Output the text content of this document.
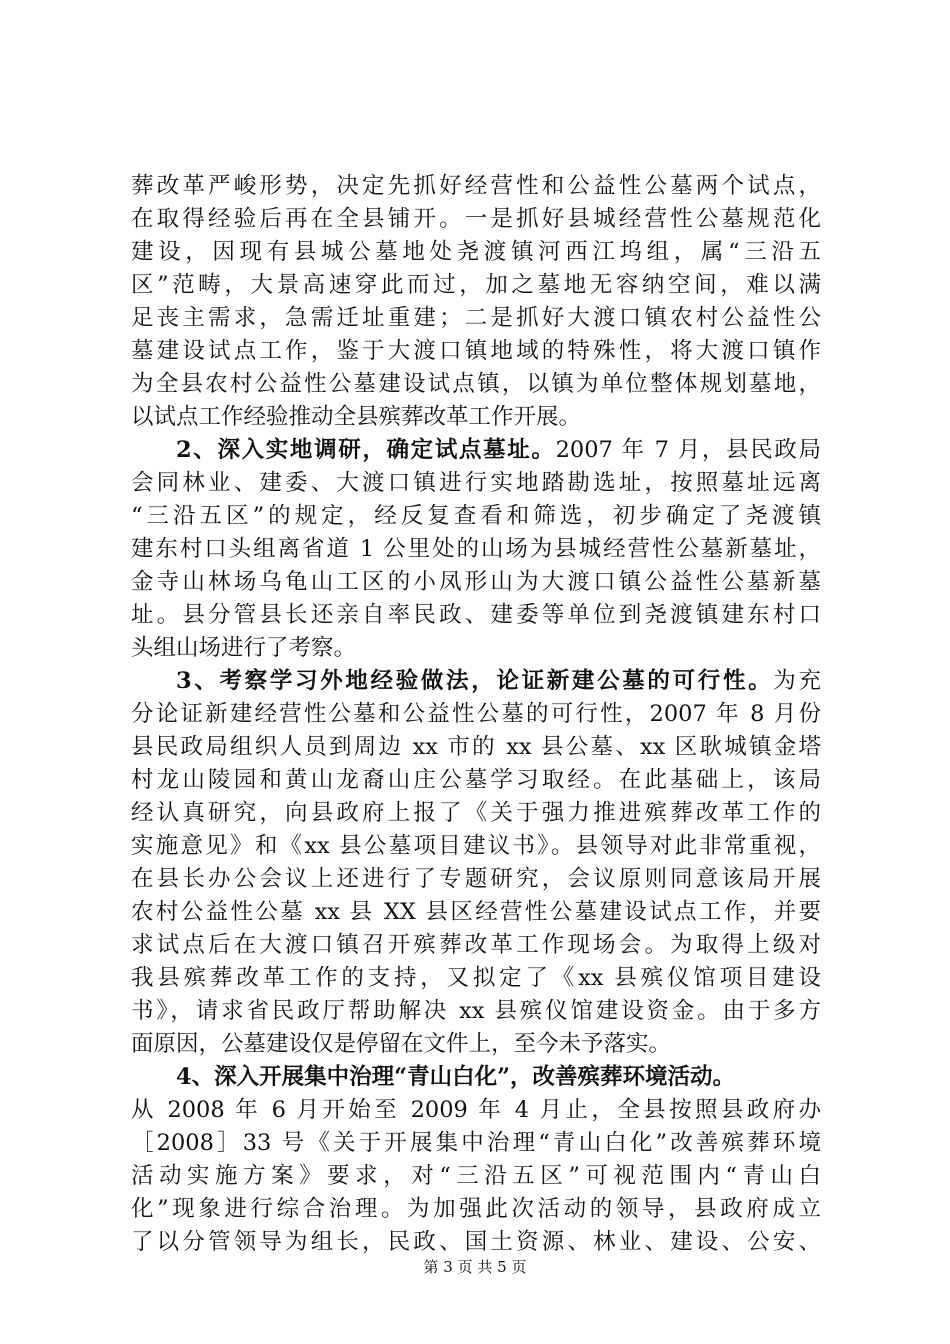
葬改革严峻形势，决定先抓好经营性和公益性公墓两个试点，
在取得经验后再在全县铺开。一是抓好县城经营性公墓规范化
建设，因现有县城公墓地处尧渡镇河西江坞组，属“三沿五
区”范畴，大景高速穿此而过，加之墓地无容纳空间，难以满
足丧主需求，急需迁址重建；二是抓好大渡口镇农村公益性公
墓建设试点工作，鉴于大渡口镇地域的特殊性，将大渡口镇作
为全县农村公益性公墓建设试点镇，以镇为单位整体规划墓地，
以试点工作经验推动全县殡葬改革工作开展。
2、深入实地调研，确定试点墓址。2007 年 7 月，县民政局
会同林业、建委、大渡口镇进行实地踏勘选址，按照墓址远离
“三沿五区”的规定，经反复查看和筛选，初步确定了尧渡镇
建东村口头组离省道 1 公里处的山场为县城经营性公墓新墓址，
金寺山林场乌龟山工区的小凤形山为大渡口镇公益性公墓新墓
址。县分管县长还亲自率民政、建委等单位到尧渡镇建东村口
头组山场进行了考察。
3、考察学习外地经验做法，论证新建公墓的可行性。为充
分论证新建经营性公墓和公益性公墓的可行性，2007 年 8 月份
县民政局组织人员到周边 xx 市的 xx 县公墓、xx 区耿城镇金塔
村龙山陵园和黄山龙裔山庄公墓学习取经。在此基础上，该局
经认真研究，向县政府上报了《关于强力推进殡葬改革工作的
实施意见》和《xx 县公墓项目建议书》。县领导对此非常重视，
在县长办公会议上还进行了专题研究，会议原则同意该局开展
农村公益性公墓 xx 县 XX 县区经营性公墓建设试点工作，并要
求试点后在大渡口镇召开殡葬改革工作现场会。为取得上级对
我县殡葬改革工作的支持，又拟定了《xx 县殡仪馆项目建设
书》，请求省民政厅帮助解决 xx 县殡仪馆建设资金。由于多方
面原因，公墓建设仅是停留在文件上，至今未予落实。
4、深入开展集中治理“青山白化”，改善殡葬环境活动。
从 2008 年 6 月开始至 2009 年 4 月止，全县按照县政府办
［2008］33 号《关于开展集中治理“青山白化”改善殡葬环境
活动实施方案》要求，对“三沿五区”可视范围内“青山白
化”现象进行综合治理。为加强此次活动的领导，县政府成立
了以分管领导为组长，民政、国土资源、林业、建设、公安、
第 3 页 共 5 页
